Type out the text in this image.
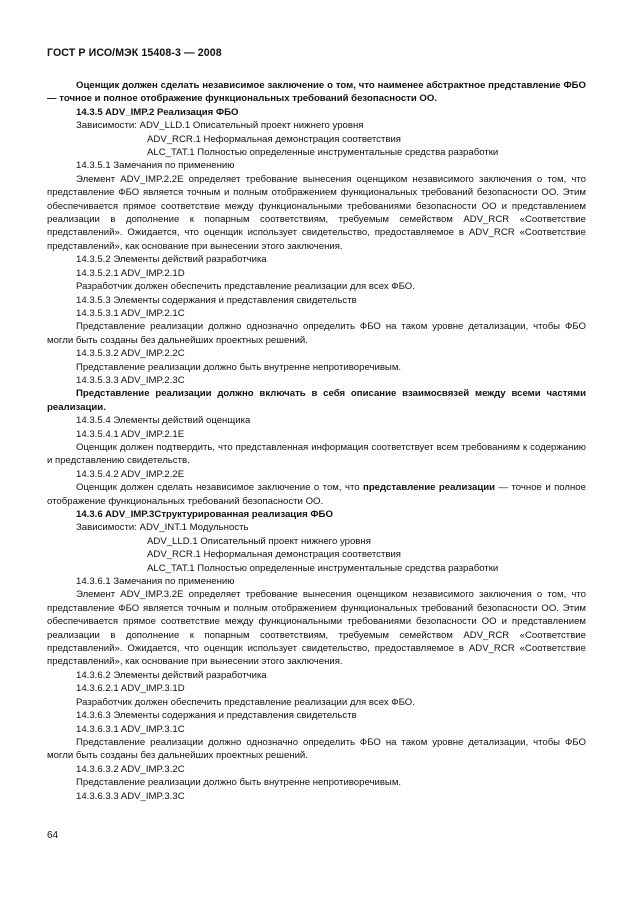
ГОСТ Р ИСО/МЭК 15408-3 — 2008

Оценщик должен сделать независимое заключение о том, что наименее абстрактное представление ФБО — точное и полное отображение функциональных требований безопасности ОО.

14.3.5 ADV_IMP.2 Реализация ФБО

Зависимости: ADV_LLD.1 Описательный проект нижнего уровня

ADV_RCR.1 Неформальная демонстрация соответствия

ALC_TAT.1 Полностью определенные инструментальные средства разработки

14.3.5.1 Замечания по применению

Элемент ADV_IMP.2.2E определяет требование вынесения оценщиком независимого заключения о том, что представление ФБО является точным и полным отображением функциональных требований безопасности ОО. Этим обеспечивается прямое соответствие между функциональными требованиями безопасности ОО и представлением реализации в дополнение к попарным соответствиям, требуемым семейством ADV_RCR «Соответствие представлений». Ожидается, что оценщик использует свидетельство, предоставляемое в ADV_RCR «Соответствие представлений», как основание при вынесении этого заключения.

14.3.5.2 Элементы действий разработчика

14.3.5.2.1 ADV_IMP.2.1D

Разработчик должен обеспечить представление реализации для всех ФБО.

14.3.5.3 Элементы содержания и представления свидетельств

14.3.5.3.1 ADV_IMP.2.1C

Представление реализации должно однозначно определить ФБО на таком уровне детализации, чтобы ФБО могли быть созданы без дальнейших проектных решений.

14.3.5.3.2 ADV_IMP.2.2C

Представление реализации должно быть внутренне непротиворечивым.

14.3.5.3.3 ADV_IMP.2.3C

Представление реализации должно включать в себя описание взаимосвязей между всеми частями реализации.

14.3.5.4 Элементы действий оценщика

14.3.5.4.1 ADV_IMP.2.1E

Оценщик должен подтвердить, что представленная информация соответствует всем требованиям к содержанию и представлению свидетельств.

14.3.5.4.2 ADV_IMP.2.2E

Оценщик должен сделать независимое заключение о том, что представление реализации — точное и полное отображение функциональных требований безопасности ОО.

14.3.6 ADV_IMP.3Структурированная реализация ФБО

Зависимости: ADV_INT.1 Модульность

ADV_LLD.1 Описательный проект нижнего уровня

ADV_RCR.1 Неформальная демонстрация соответствия

ALC_TAT.1 Полностью определенные инструментальные средства разработки

14.3.6.1 Замечания по применению

Элемент ADV_IMP.3.2E определяет требование вынесения оценщиком независимого заключения о том, что представление ФБО является точным и полным отображением функциональных требований безопасности ОО. Этим обеспечивается прямое соответствие между функциональными требованиями безопасности ОО и представлением реализации в дополнение к попарным соответствиям, требуемым семейством ADV_RCR «Соответствие представлений». Ожидается, что оценщик использует свидетельство, предоставляемое в ADV_RCR «Соответствие представлений», как основание при вынесении этого заключения.

14.3.6.2 Элементы действий разработчика

14.3.6.2.1 ADV_IMP.3.1D

Разработчик должен обеспечить представление реализации для всех ФБО.

14.3.6.3 Элементы содержания и представления свидетельств

14.3.6.3.1 ADV_IMP.3.1C

Представление реализации должно однозначно определить ФБО на таком уровне детализации, чтобы ФБО могли быть созданы без дальнейших проектных решений.

14.3.6.3.2 ADV_IMP.3.2C

Представление реализации должно быть внутренне непротиворечивым.

14.3.6.3.3 ADV_IMP.3.3C

64
